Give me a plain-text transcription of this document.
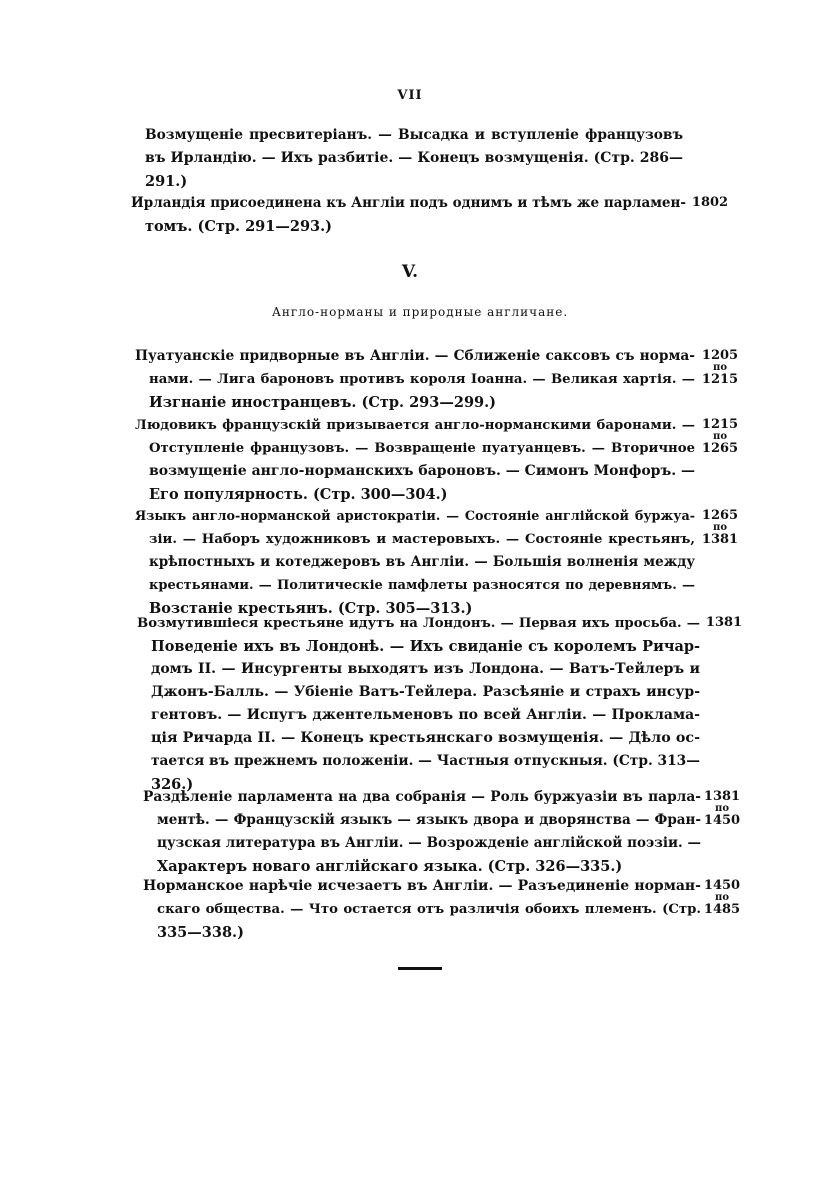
VII
Возмущеніе пресвитеріанъ. — Высадка и вступленіе французовъ
въ Ирландію. — Ихъ разбитіе. — Конецъ возмущенія. (Стр. 286—
291.)
Ирландія присоединена къ Англіи подъ однимъ и тѣмъ же парламен-
томъ. (Стр. 291—293.)
1802
V.
Англо-норманы и природные англичане.
Пуатуанскіе придворные въ Англіи. — Сближеніе саксовъ съ норма-
нами. — Лига бароновъ противъ короля Іоанна. — Великая хартія. —
Изгнаніе иностранцевъ. (Стр. 293—299.)
1205
по
1215
Людовикъ французскій призывается англо-норманскими баронами. —
Отступленіе французовъ. — Возвращеніе пуатуанцевъ. — Вторичное
возмущеніе англо-норманскихъ бароновъ. — Симонъ Монфоръ. —
Его популярность. (Стр. 300—304.)
1215
по
1265
Языкъ англо-норманской аристократіи. — Состояніе англійской буржуа-
зіи. — Наборъ художниковъ и мастеровыхъ. — Состояніе крестьянъ,
крѣпостныхъ и котеджеровъ въ Англіи. — Большія волненія между
крестьянами. — Политическіе памфлеты разносятся по деревнямъ. —
Возстаніе крестьянъ. (Стр. 305—313.)
1265
по
1381
Возмутившіеся крестьяне идутъ на Лондонъ. — Первая ихъ просьба. —
Поведеніе ихъ въ Лондонѣ. — Ихъ свиданіе съ королемъ Ричар-
домъ II. — Инсургенты выходятъ изъ Лондона. — Ватъ-Тейлеръ и
Джонъ-Балль. — Убіеніе Ватъ-Тейлера. Разсѣяніе и страхъ инсур-
гентовъ. — Испугъ джентельменовъ по всей Англіи. — Прокламa-
ція Ричарда II. — Конецъ крестьянскаго возмущенія. — Дѣло ос-
тается въ прежнемъ положеніи. — Частныя отпускныя. (Стр. 313—
326.)
1381
Раздѣленіе парламента на два собранія — Роль буржуазіи въ парла-
ментѣ. — Французскій языкъ — языкъ двора и дворянства — Фран-
цузская литература въ Англіи. — Возрожденіе англійской поэзіи. —
Характеръ новаго англійскаго языка. (Стр. 326—335.)
1381
по
1450
Норманское нарѣчіе исчезаетъ въ Англіи. — Разъединеніе норман-
скаго общества. — Что остается отъ различія обоихъ племенъ. (Стр.
335—338.)
1450
по
1485
